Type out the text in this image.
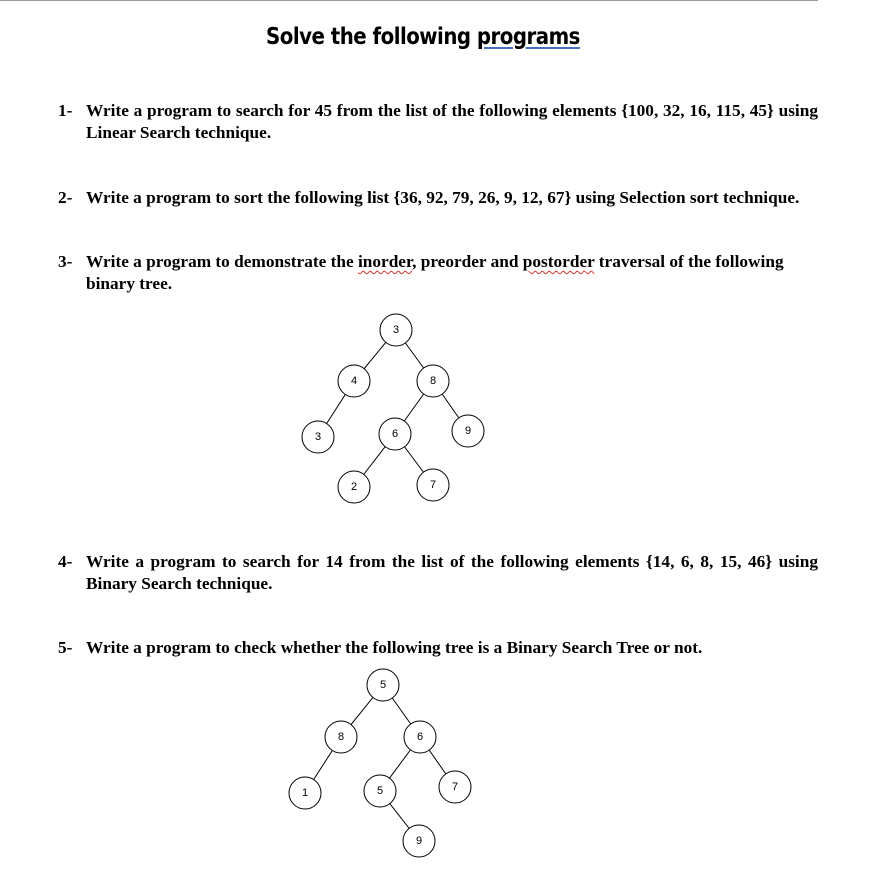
Solve the following programs
1- Write a program to search for 45 from the list of the following elements {100, 32, 16, 115, 45} using Linear Search technique.
2- Write a program to sort the following list {36, 92, 79, 26, 9, 12, 67} using Selection sort technique.
3- Write a program to demonstrate the inorder, preorder and postorder traversal of the following binary tree.
3
4	8
3	6	9
2	7
4- Write a program to search for 14 from the list of the following elements {14, 6, 8, 15, 46} using Binary Search technique.
5- Write a program to check whether the following tree is a Binary Search Tree or not.
5
8	6
1	5	7
9
